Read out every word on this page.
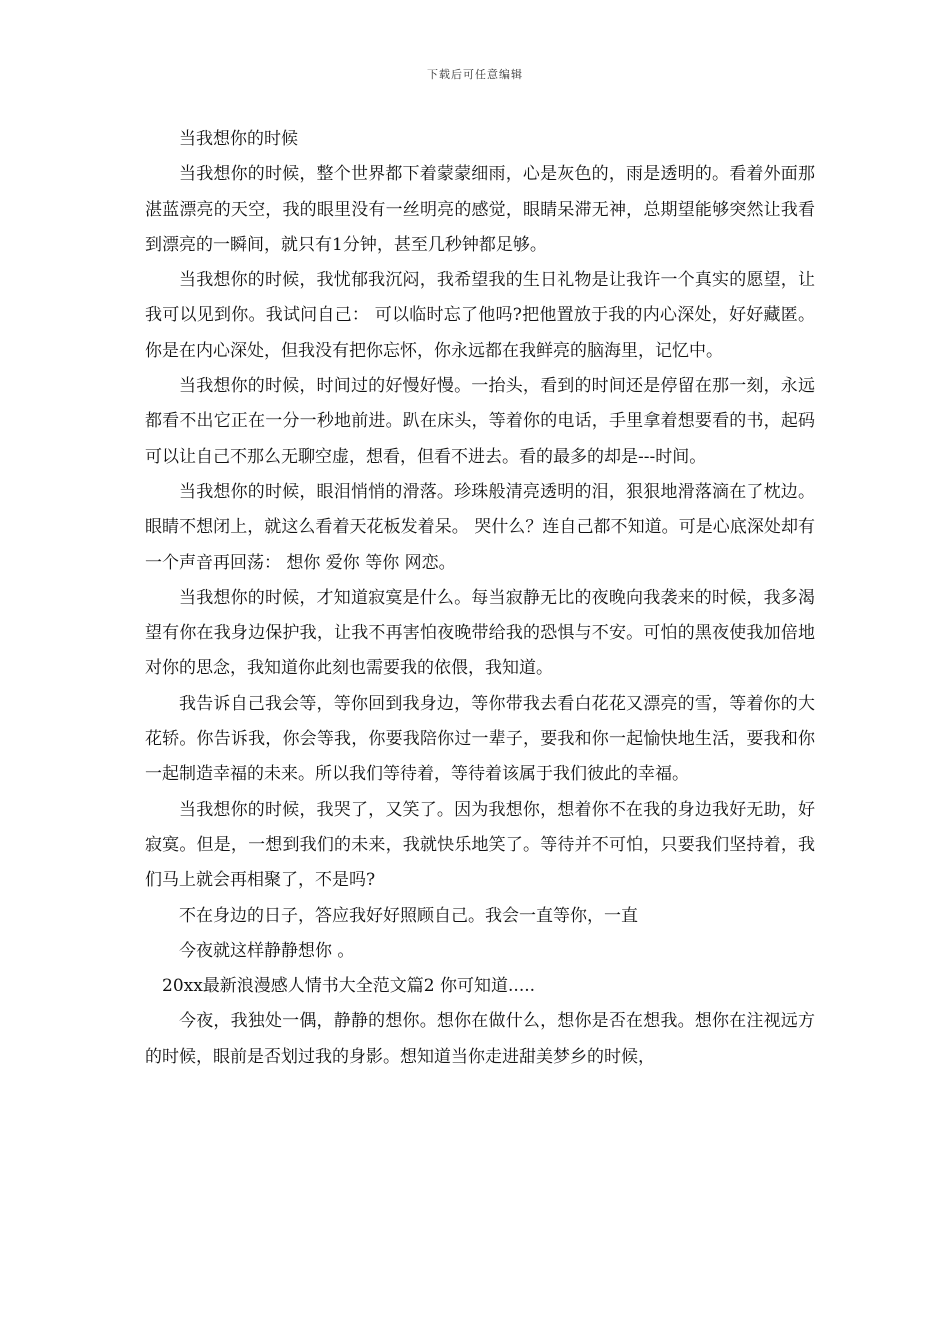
下载后可任意编辑

当我想你的时候

当我想你的时候，整个世界都下着蒙蒙细雨，心是灰色的，雨是透明的。看着外面那湛蓝漂亮的天空，我的眼里没有一丝明亮的感觉，眼睛呆滞无神，总期望能够突然让我看到漂亮的一瞬间，就只有1分钟，甚至几秒钟都足够。

当我想你的时候，我忧郁我沉闷，我希望我的生日礼物是让我许一个真实的愿望，让我可以见到你。我试问自己： 可以临时忘了他吗?把他置放于我的内心深处，好好藏匿。 你是在内心深处，但我没有把你忘怀，你永远都在我鲜亮的脑海里，记忆中。

当我想你的时候，时间过的好慢好慢。一抬头，看到的时间还是停留在那一刻，永远都看不出它正在一分一秒地前进。趴在床头，等着你的电话，手里拿着想要看的书，起码可以让自己不那么无聊空虚，想看，但看不进去。看的最多的却是---时间。

当我想你的时候，眼泪悄悄的滑落。珍珠般清亮透明的泪，狠狠地滑落滴在了枕边。眼睛不想闭上，就这么看着天花板发着呆。 哭什么？连自己都不知道。可是心底深处却有一个声音再回荡： 想你 爱你 等你 网恋。

当我想你的时候，才知道寂寞是什么。每当寂静无比的夜晚向我袭来的时候，我多渴望有你在我身边保护我，让我不再害怕夜晚带给我的恐惧与不安。可怕的黑夜使我加倍地对你的思念，我知道你此刻也需要我的依偎，我知道。

我告诉自己我会等，等你回到我身边，等你带我去看白花花又漂亮的雪，等着你的大花轿。你告诉我，你会等我，你要我陪你过一辈子，要我和你一起愉快地生活，要我和你一起制造幸福的未来。所以我们等待着，等待着该属于我们彼此的幸福。

当我想你的时候，我哭了，又笑了。因为我想你，想着你不在我的身边我好无助，好寂寞。但是，一想到我们的未来，我就快乐地笑了。等待并不可怕，只要我们坚持着，我们马上就会再相聚了，不是吗?

不在身边的日子，答应我好好照顾自己。我会一直等你，一直

今夜就这样静静想你 。

20xx最新浪漫感人情书大全范文篇2 你可知道.....

今夜，我独处一偶，静静的想你。想你在做什么，想你是否在想我。想你在注视远方的时候，眼前是否划过我的身影。想知道当你走进甜美梦乡的时候，
